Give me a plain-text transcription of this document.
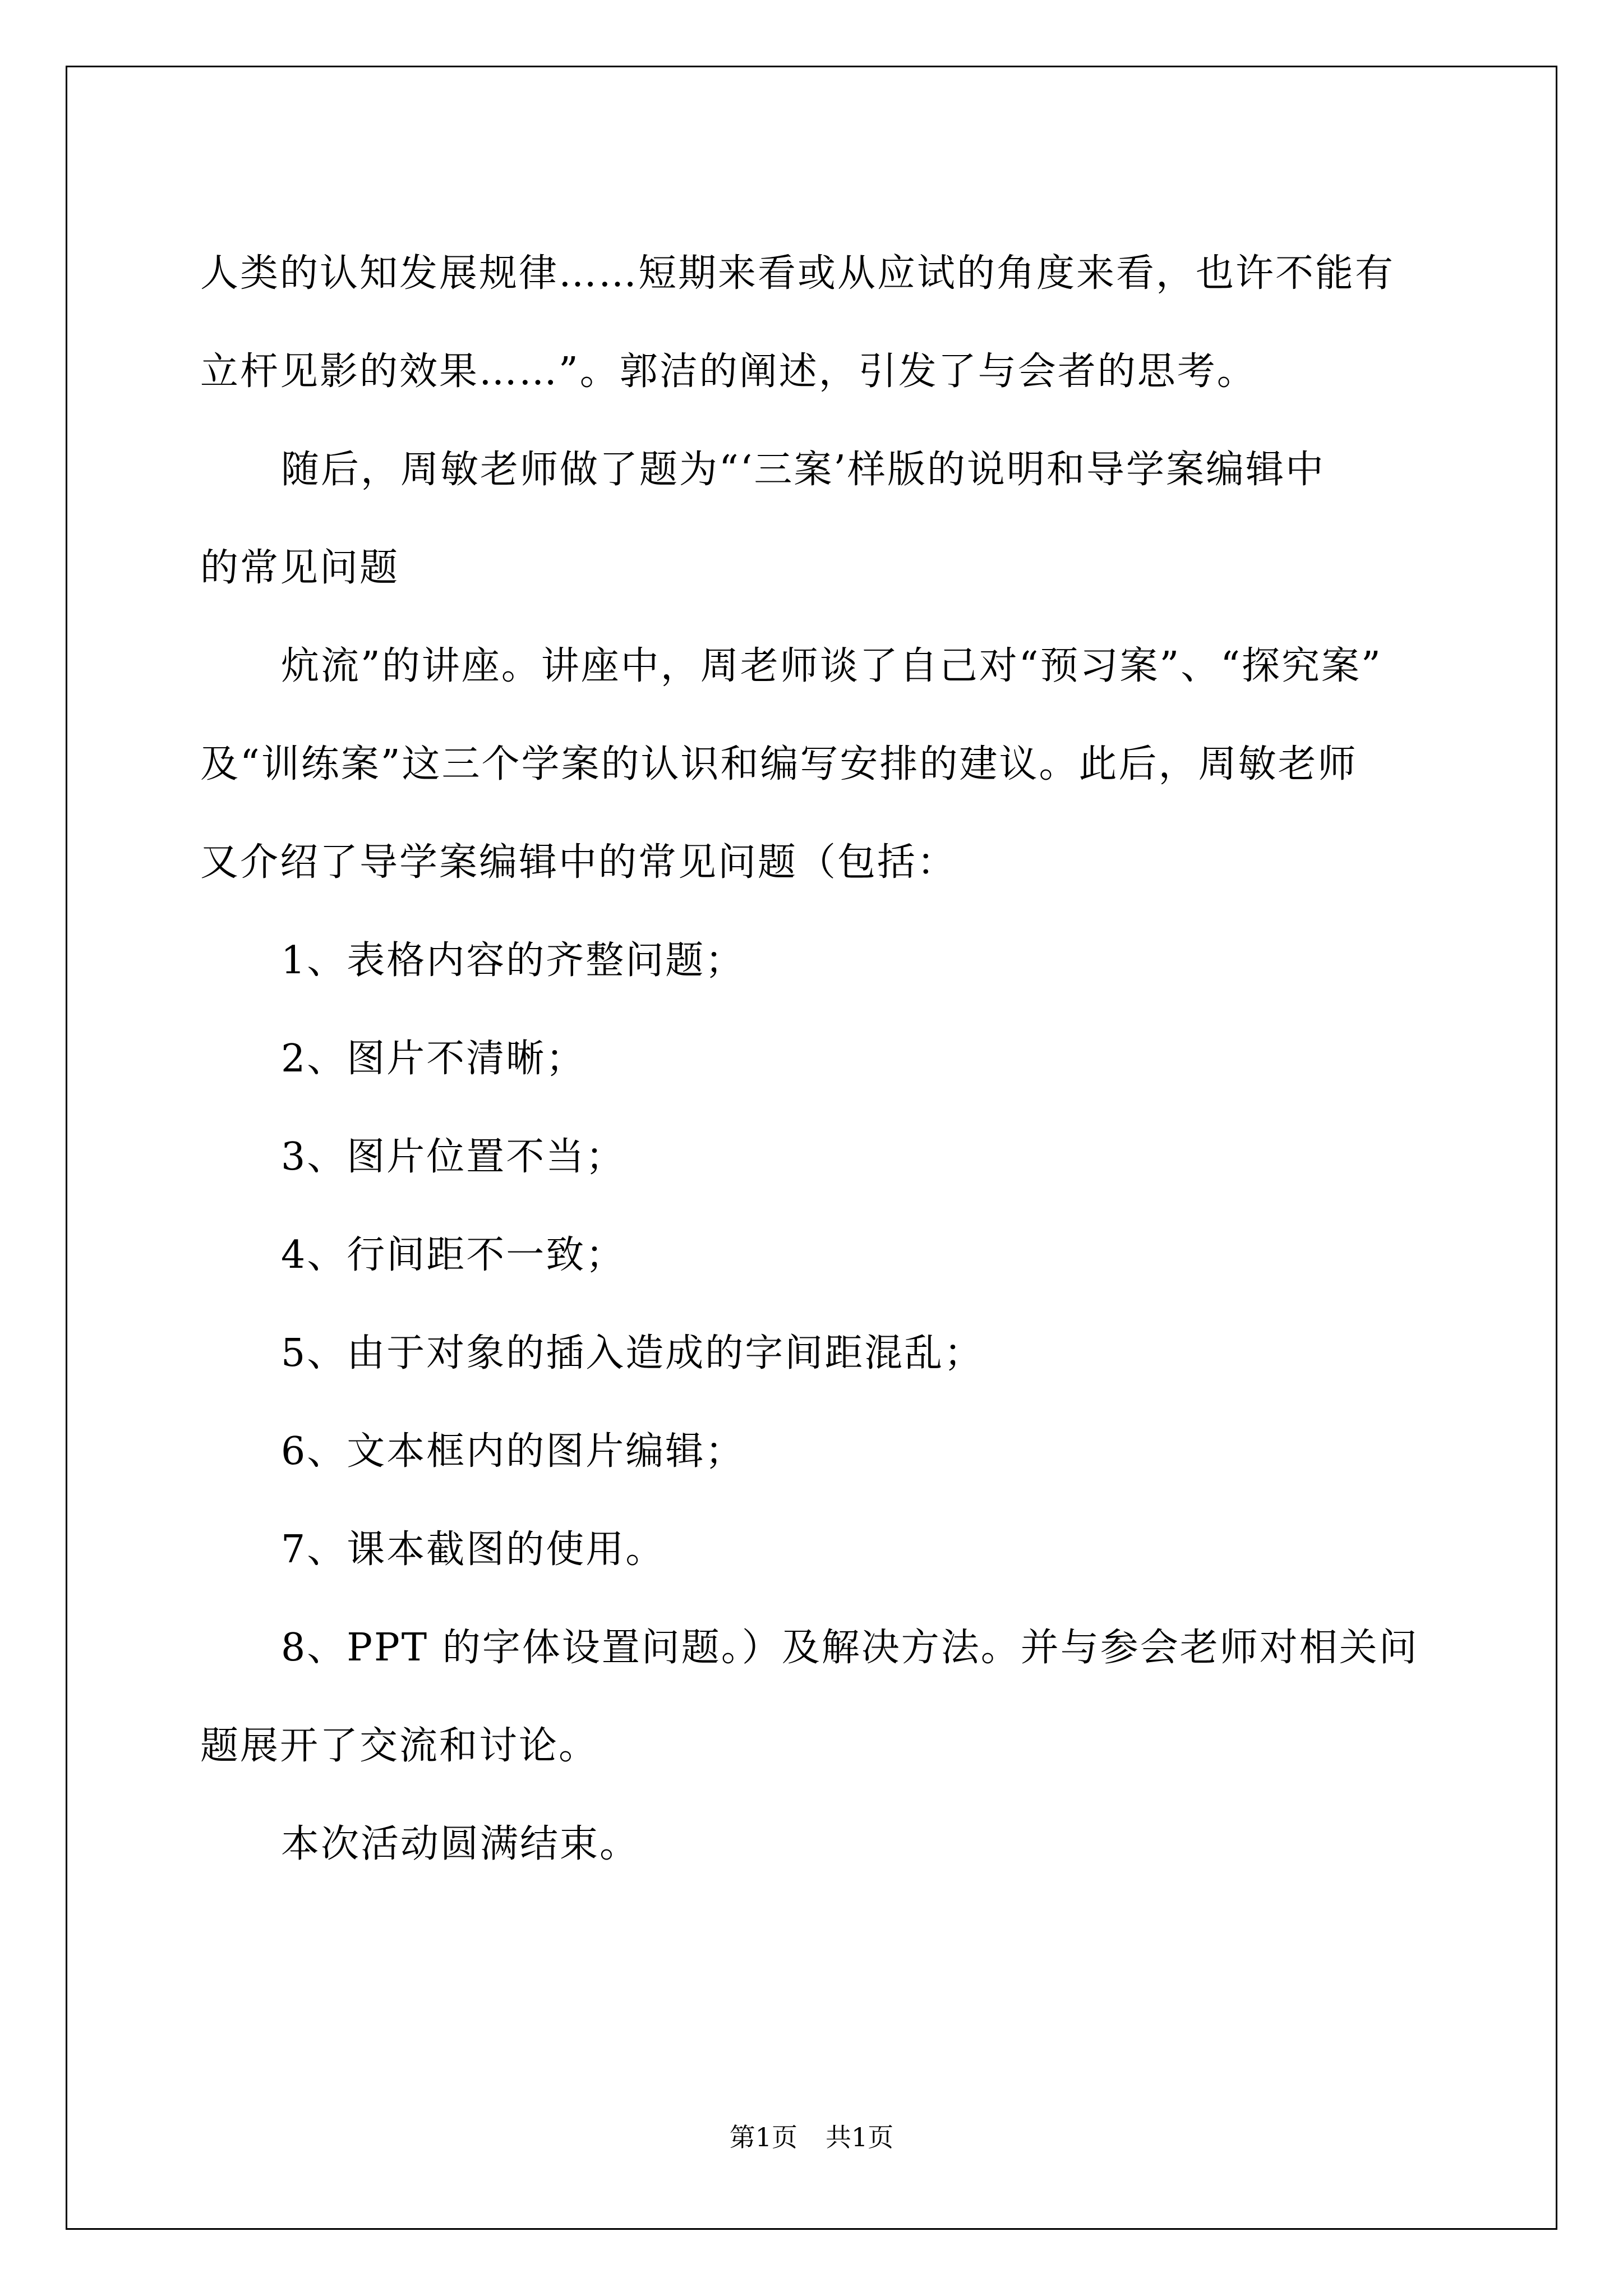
人类的认知发展规律……短期来看或从应试的角度来看，也许不能有
立杆见影的效果……”。郭洁的阐述，引发了与会者的思考。

随后，周敏老师做了题为“‘三案’样版的说明和导学案编辑中
的常见问题

炕流”的讲座。讲座中，周老师谈了自己对“预习案”、“探究案”
及“训练案”这三个学案的认识和编写安排的建议。此后，周敏老师
又介绍了导学案编辑中的常见问题（包括：

1、表格内容的齐整问题；

2、图片不清晰；

3、图片位置不当；

4、行间距不一致；

5、由于对象的插入造成的字间距混乱；

6、文本框内的图片编辑；

7、课本截图的使用。

8、PPT 的字体设置问题。）及解决方法。并与参会老师对相关问
题展开了交流和讨论。

本次活动圆满结束。

第1页 共1页
